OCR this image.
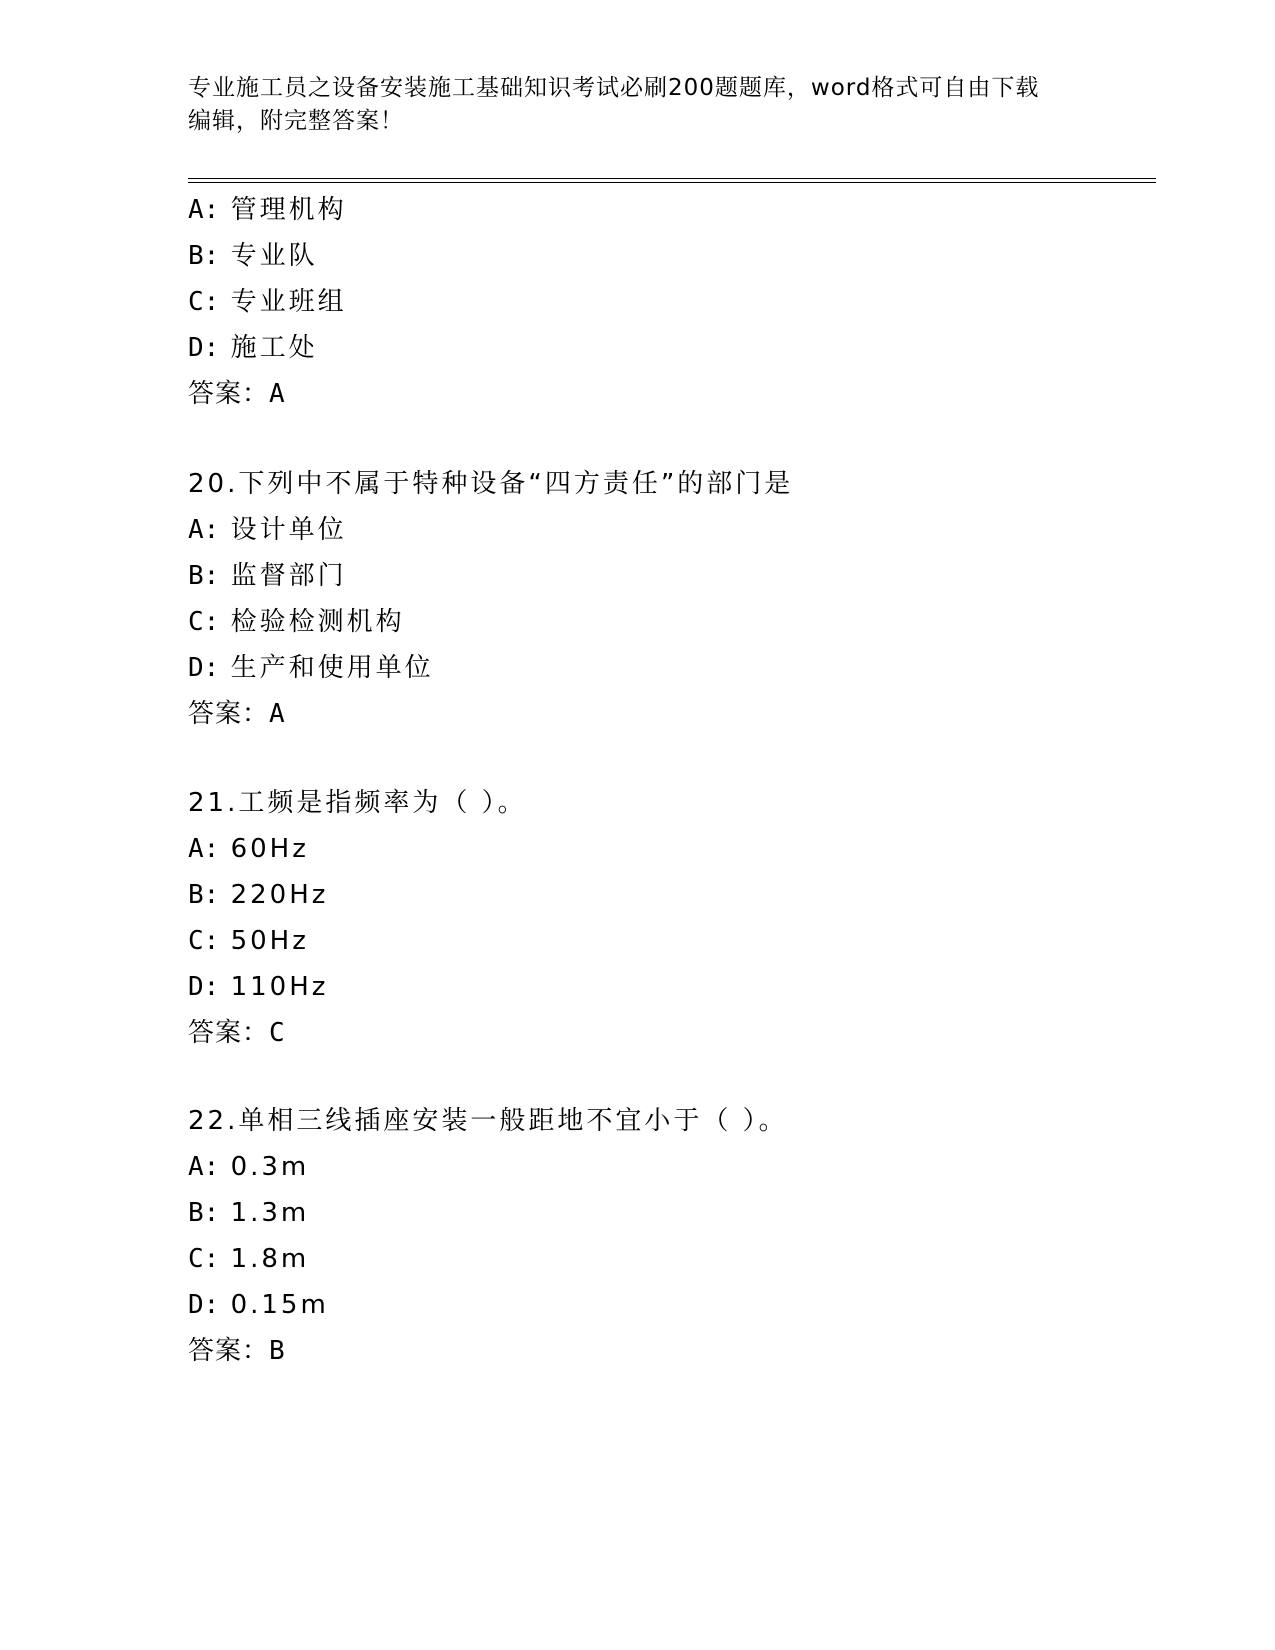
专业施工员之设备安装施工基础知识考试必刷200题题库，word格式可自由下载
编辑，附完整答案！
A: 管理机构
B: 专业队
C: 专业班组
D: 施工处
答案：A
20.下列中不属于特种设备“四方责任”的部门是
A: 设计单位
B: 监督部门
C: 检验检测机构
D: 生产和使用单位
答案：A
21.工频是指频率为（ ）。
A: 60Hz
B: 220Hz
C: 50Hz
D: 110Hz
答案：C
22.单相三线插座安装一般距地不宜小于（ ）。
A: 0.3m
B: 1.3m
C: 1.8m
D: 0.15m
答案：B
